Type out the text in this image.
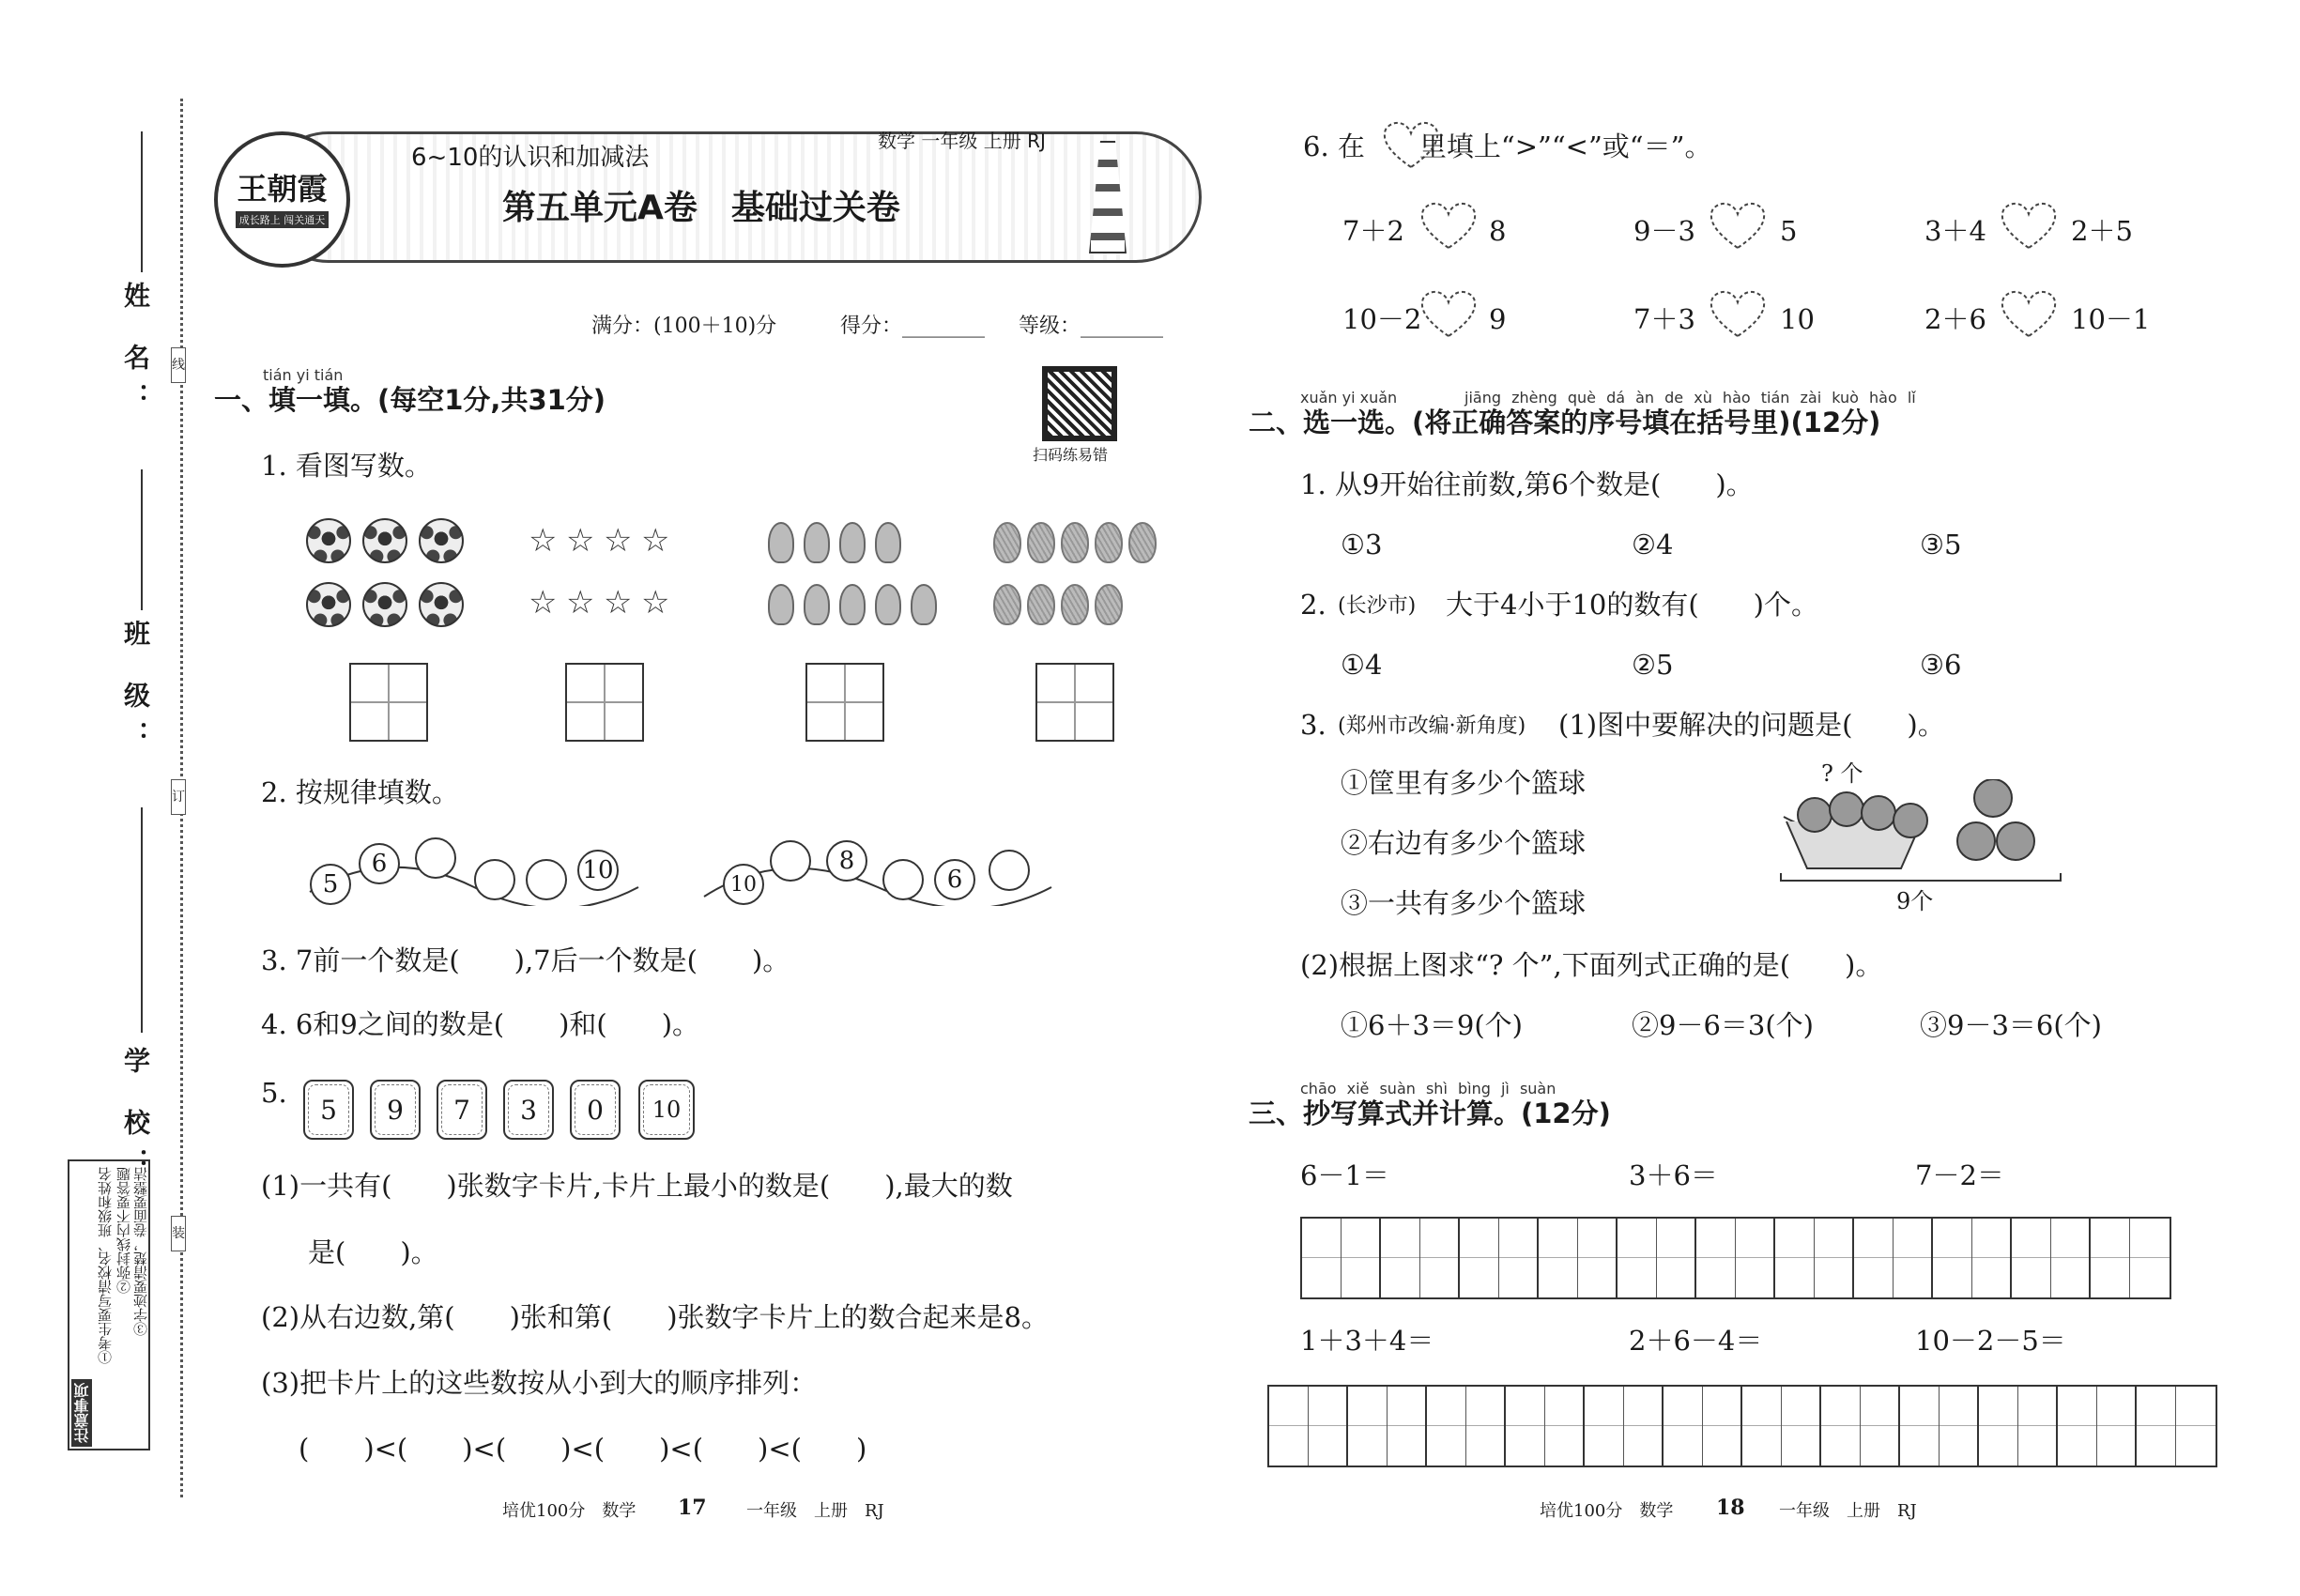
姓 名：
班 级：
学 校：
线
订
装
注意事项
①考生要写清校名、班级和姓名 ②弥封线内不要答题 ③字迹要清楚，卷面要整洁
王朝霞
成长路上 闯关通天
6~10的认识和加减法
数学 一年级 上册 RJ
第五单元A卷　基础过关卷
满分：(100＋10)分	得分：________ 等级：________
扫码练易错
tián yi tián
一、填一填。(每空1分,共31分)
1. 看图写数。
☆ ☆ ☆ ☆
☆ ☆ ☆ ☆
2. 按规律填数。
5
6	10	10
8
6
3. 7前一个数是(　　),7后一个数是(　　)。
4. 6和9之间的数是(　　)和(　　)。
5.
5	9	7	3	0	10
(1)一共有(　　)张数字卡片,卡片上最小的数是(　　),最大的数
是(　　)。
(2)从右边数,第(　　)张和第(　　)张数字卡片上的数合起来是8。
(3)把卡片上的这些数按从小到大的顺序排列：
(　　)<(　　)<(　　)<(　　)<(　　)<(　　)
6. 在　　里填上“>”“<”或“＝”。
7＋2	8	9－3	5	3＋4	2＋5
10－2 9	7＋3	10	2＋6	10－1
xuǎn yi xuǎn	jiāng zhèng què dá àn de xù hào tián zài kuò hào lǐ
二、选一选。(将正确答案的序号填在括号里)(12分)
1. 从9开始往前数,第6个数是(　　)。
①3	②4	③5
2. (长沙市) 大于4小于10的数有(　　)个。
①4	②5	③6
3. (郑州市改编·新角度) (1)图中要解决的问题是(　　)。
①筐里有多少个篮球
②右边有多少个篮球
③一共有多少个篮球
? 个
9个
(2)根据上图求“? 个”,下面列式正确的是(　　)。
①6＋3＝9(个)	②9－6＝3(个)	③9－3＝6(个)
chāo xiě suàn shì bìng jì suàn
三、抄写算式并计算。(12分)
6－1＝	3＋6＝	7－2＝
1＋3＋4＝	2＋6－4＝	10－2－5＝
培优100分　数学 17 一年级　上册　RJ	培优100分　数学 18 一年级　上册　RJ
